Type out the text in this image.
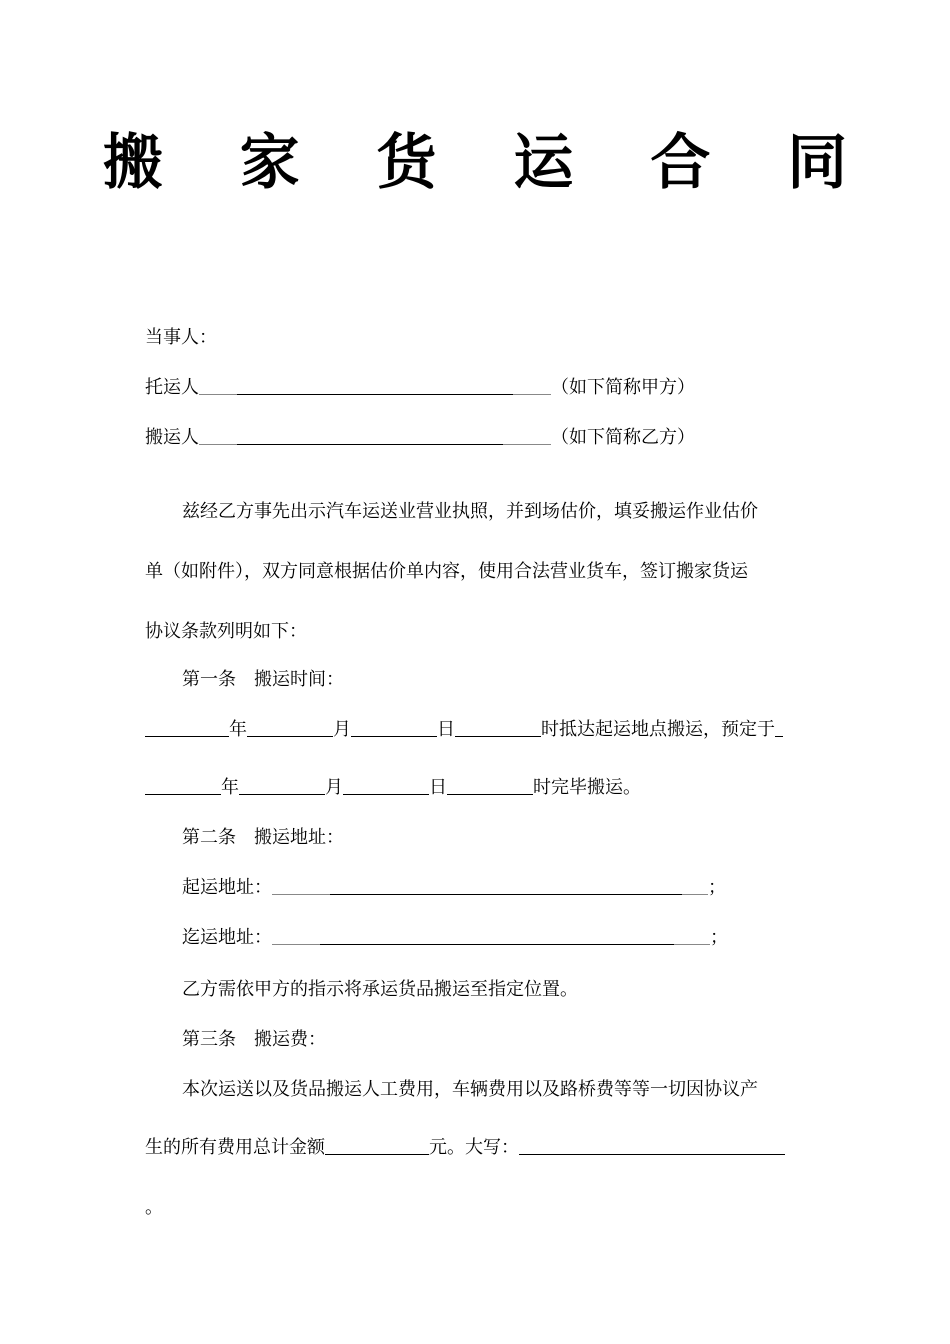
搬 家 货 运 合 同
当事人：
托运人	（如下简称甲方）
搬运人	（如下简称乙方）
兹经乙方事先出示汽车运送业营业执照，并到场估价，填妥搬运作业估价
单（如附件），双方同意根据估价单内容，使用合法营业货车，签订搬家货运
协议条款列明如下：
第一条 搬运时间：
年	月	日	时抵达起运地点搬运，预定于
年	月	日	时完毕搬运。
第二条 搬运地址：
起运地址：	；
迄运地址：	；
乙方需依甲方的指示将承运货品搬运至指定位置。
第三条 搬运费：
本次运送以及货品搬运人工费用，车辆费用以及路桥费等等一切因协议产
生的所有费用总计金额	元。大写：
。
